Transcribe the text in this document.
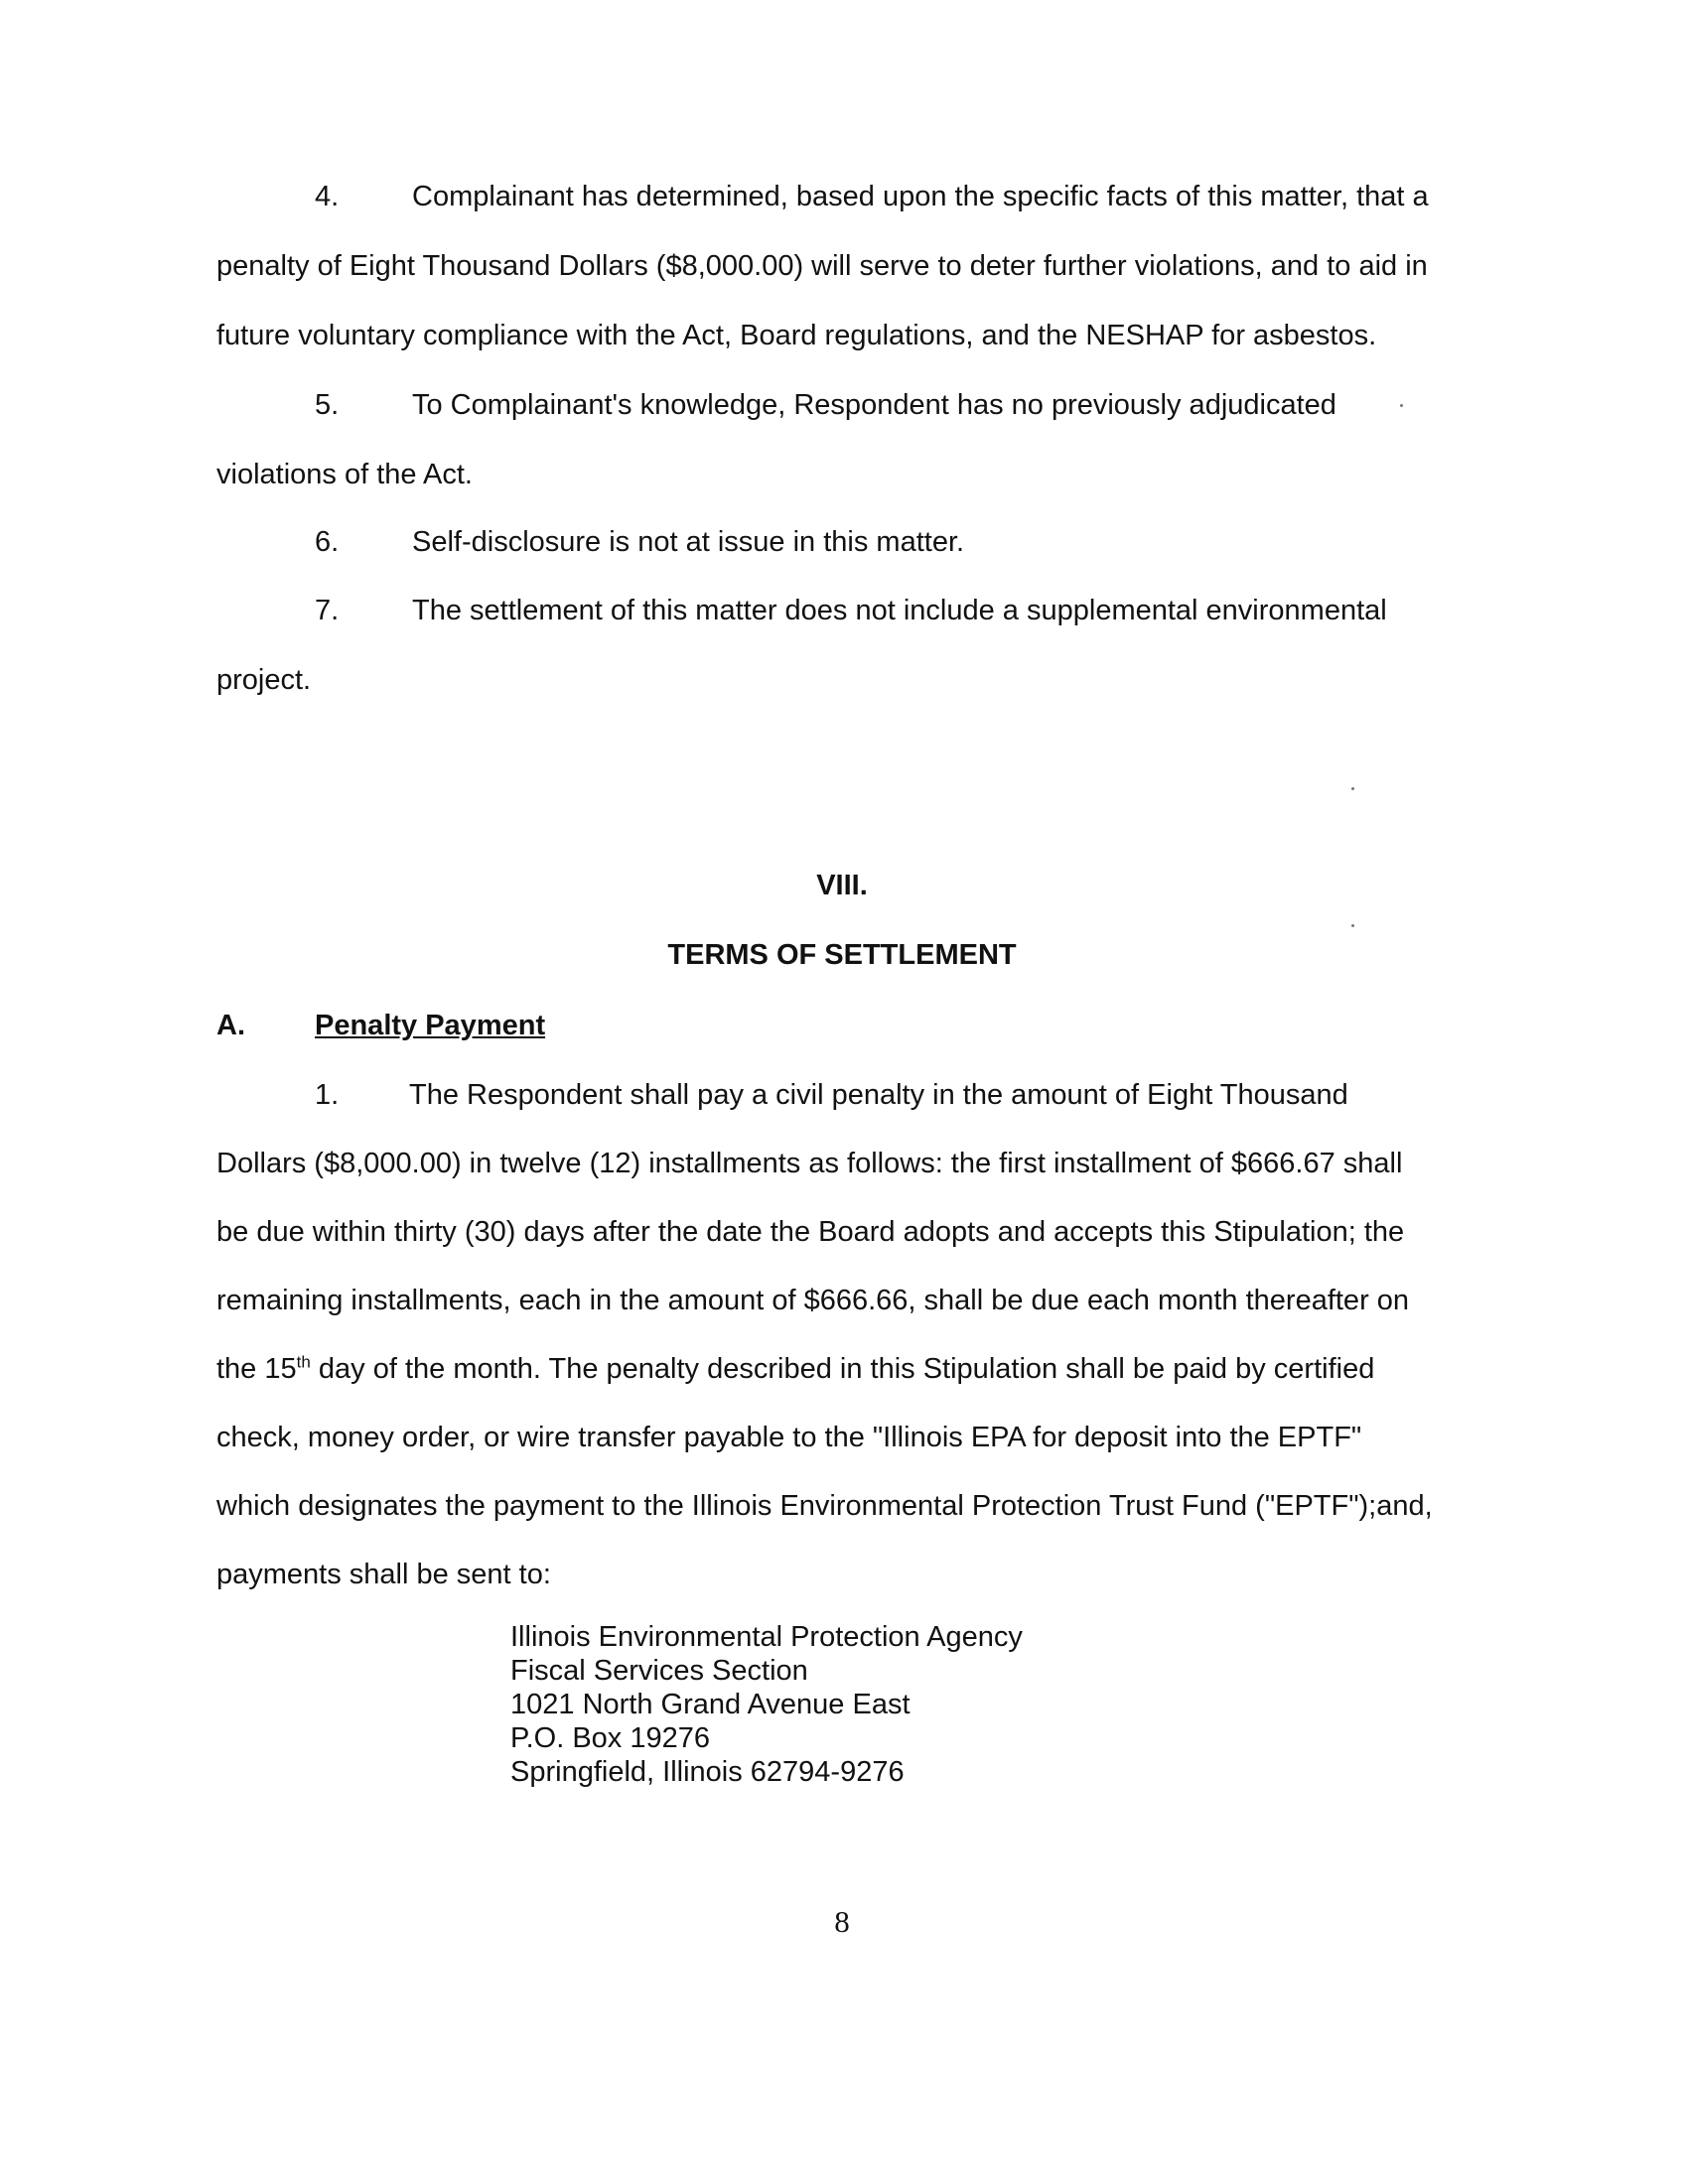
4.	Complainant has determined, based upon the specific facts of this matter, that a
penalty of Eight Thousand Dollars ($8,000.00) will serve to deter further violations, and to aid in
future voluntary compliance with the Act, Board regulations, and the NESHAP for asbestos.
5.	To Complainant's knowledge, Respondent has no previously adjudicated
violations of the Act.
6.	Self-disclosure is not at issue in this matter.
7.	The settlement of this matter does not include a supplemental environmental
project.
VIII.
TERMS OF SETTLEMENT
A. Penalty Payment
1. The Respondent shall pay a civil penalty in the amount of Eight Thousand
Dollars ($8,000.00) in twelve (12) installments as follows: the first installment of $666.67 shall
be due within thirty (30) days after the date the Board adopts and accepts this Stipulation; the
remaining installments, each in the amount of $666.66, shall be due each month thereafter on
the 15th day of the month. The penalty described in this Stipulation shall be paid by certified
check, money order, or wire transfer payable to the "Illinois EPA for deposit into the EPTF"
which designates the payment to the Illinois Environmental Protection Trust Fund ("EPTF");and,
payments shall be sent to:
Illinois Environmental Protection Agency
Fiscal Services Section
1021 North Grand Avenue East
P.O. Box 19276
Springfield, Illinois 62794-9276
8
